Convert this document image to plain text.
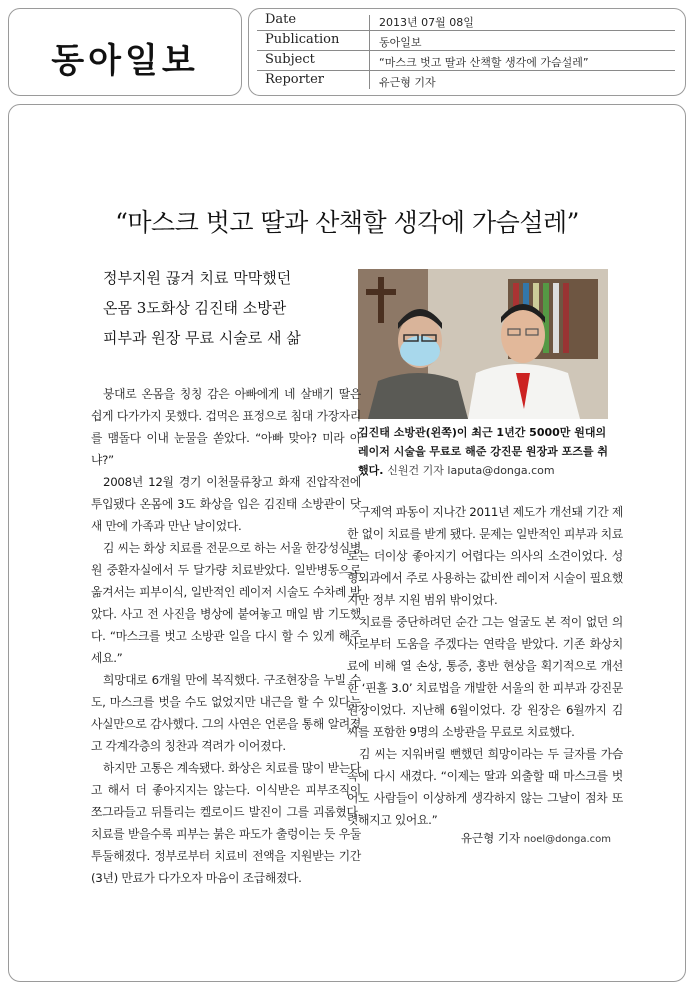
동아일보
Date	2013년 07월 08일
Publication	동아일보
Subject	“마스크 벗고 딸과 산책할 생각에 가슴설레”
Reporter	유근형 기자
“마스크 벗고 딸과 산책할 생각에 가슴설레”
정부지원 끊겨 치료 막막했던
온몸 3도화상 김진태 소방관
피부과 원장 무료 시술로 새 삶
김진태 소방관(왼쪽)이 최근 1년간 5000만 원대의 레이저 시술을 무료로 해준 강진문 원장과 포즈를 취했다. 신원건 기자 laputa@donga.com

붕대로 온몸을 칭칭 감은 아빠에게 네 살배기 딸은 쉽게 다가가지 못했다. 겁먹은 표정으로 침대 가장자리를 맴돌다 이내 눈물을 쏟았다. “아빠 맞아? 미라 아냐?”

2008년 12월 경기 이천물류창고 화재 진압작전에 투입됐다 온몸에 3도 화상을 입은 김진태 소방관이 닷새 만에 가족과 만난 날이었다.

김 씨는 화상 치료를 전문으로 하는 서울 한강성심병원 중환자실에서 두 달가량 치료받았다. 일반병동으로 옮겨서는 피부이식, 일반적인 레이저 시술도 수차례 받았다. 사고 전 사진을 병상에 붙여놓고 매일 밤 기도했다. “마스크를 벗고 소방관 일을 다시 할 수 있게 해주세요.”

희망대로 6개월 만에 복직했다. 구조현장을 누빌 수도, 마스크를 벗을 수도 없었지만 내근을 할 수 있다는 사실만으로 감사했다. 그의 사연은 언론을 통해 알려졌고 각계각층의 칭찬과 격려가 이어졌다.

하지만 고통은 계속됐다. 화상은 치료를 많이 받는다고 해서 더 좋아지지는 않는다. 이식받은 피부조직이 쪼그라들고 뒤틀리는 켈로이드 발진이 그를 괴롭혔다. 치료를 받을수록 피부는 붉은 파도가 출렁이는 듯 우둘투둘해졌다. 정부로부터 치료비 전액을 지원받는 기간(3년) 만료가 다가오자 마음이 조급해졌다.

구제역 파동이 지나간 2011년 제도가 개선돼 기간 제한 없이 치료를 받게 됐다. 문제는 일반적인 피부과 치료로는 더이상 좋아지기 어렵다는 의사의 소견이었다. 성형외과에서 주로 사용하는 값비싼 레이저 시술이 필요했지만 정부 지원 범위 밖이었다.

치료를 중단하려던 순간 그는 얼굴도 본 적이 없던 의사로부터 도움을 주겠다는 연락을 받았다. 기존 화상치료에 비해 열 손상, 통증, 홍반 현상을 획기적으로 개선한 ‘핀홀 3.0’ 치료법을 개발한 서울의 한 피부과 강진문 원장이었다. 지난해 6월이었다. 강 원장은 6월까지 김 씨를 포함한 9명의 소방관을 무료로 치료했다.

김 씨는 지워버릴 뻔했던 희망이라는 두 글자를 가슴속에 다시 새겼다. “이제는 딸과 외출할 때 마스크를 벗어도 사람들이 이상하게 생각하지 않는 그날이 점차 또렷해지고 있어요.”

유근형 기자 noel@donga.com
